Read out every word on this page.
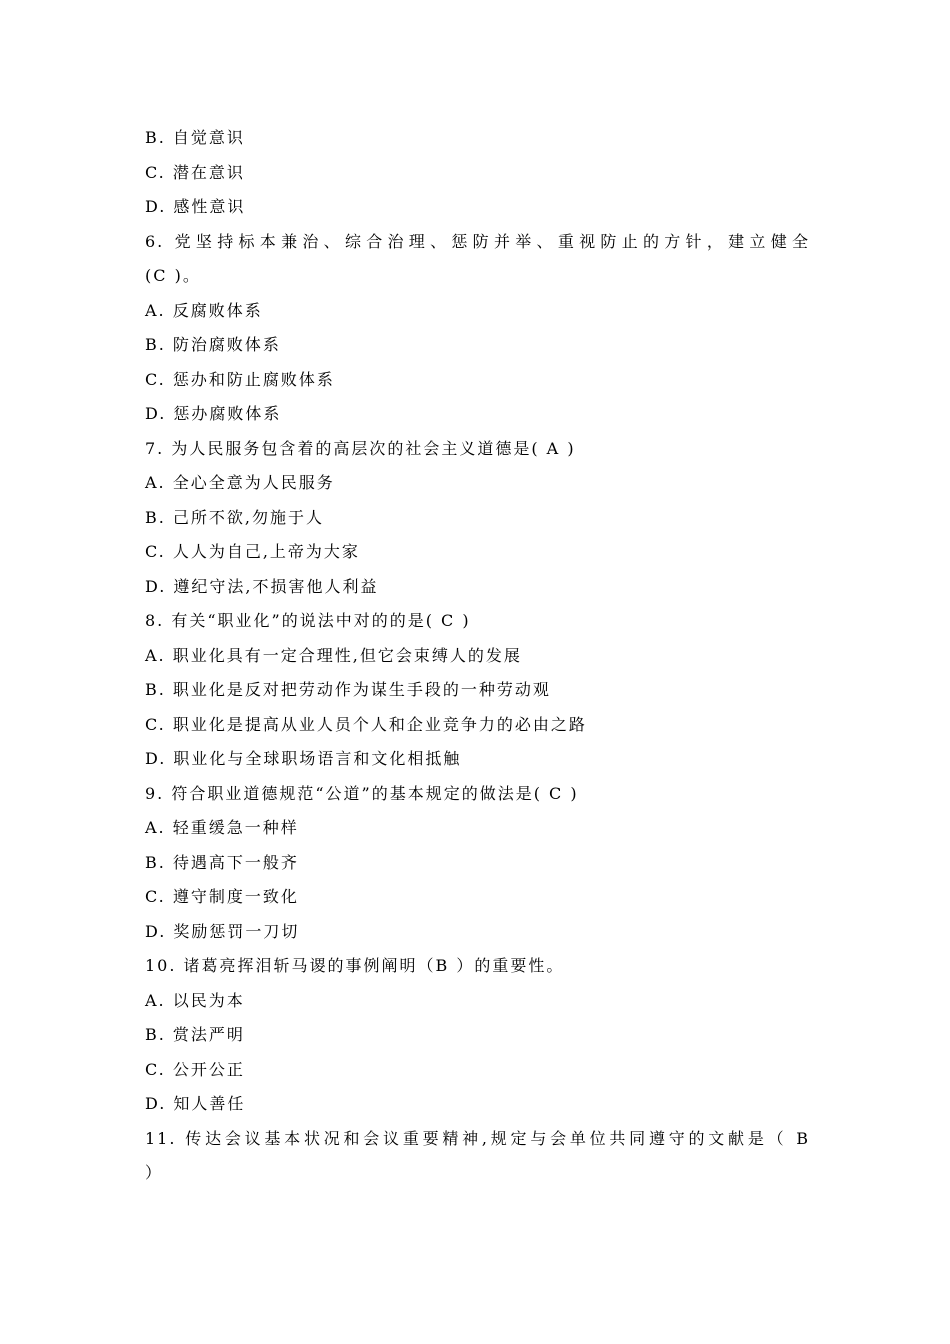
B. 自觉意识
C. 潜在意识
D. 感性意识
6. 党坚持标本兼治、综合治理、惩防并举、重视防止的方针，建立健全
(C )。
A. 反腐败体系
B. 防治腐败体系
C. 惩办和防止腐败体系
D. 惩办腐败体系
7. 为人民服务包含着的高层次的社会主义道德是( A )
A. 全心全意为人民服务
B. 己所不欲,勿施于人
C. 人人为自己,上帝为大家
D. 遵纪守法,不损害他人利益
8. 有关“职业化”的说法中对的的是( C )
A. 职业化具有一定合理性,但它会束缚人的发展
B. 职业化是反对把劳动作为谋生手段的一种劳动观
C. 职业化是提高从业人员个人和企业竞争力的必由之路
D. 职业化与全球职场语言和文化相抵触
9. 符合职业道德规范“公道”的基本规定的做法是( C )
A. 轻重缓急一种样
B. 待遇高下一般齐
C. 遵守制度一致化
D. 奖励惩罚一刀切
10. 诸葛亮挥泪斩马谡的事例阐明（B ）的重要性。
A. 以民为本
B. 赏法严明
C. 公开公正
D. 知人善任
11. 传达会议基本状况和会议重要精神,规定与会单位共同遵守的文献是（ B
）
